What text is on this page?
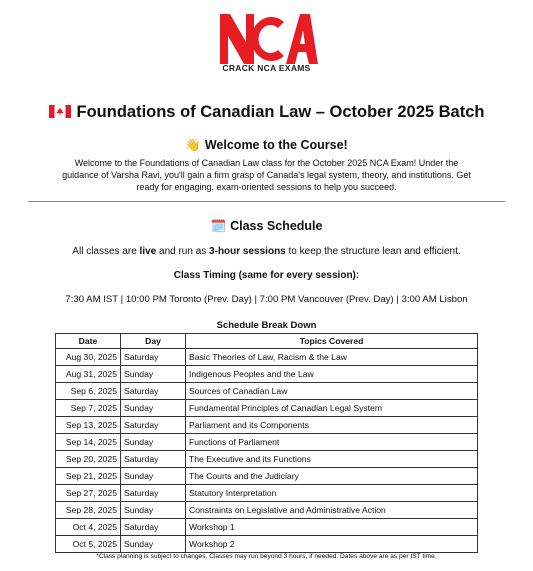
CRACK NCA EXAMS
Foundations of Canadian Law – October 2025 Batch
👋 Welcome to the Course!
Welcome to the Foundations of Canadian Law class for the October 2025 NCA Exam! Under the guidance of Varsha Ravi, you'll gain a firm grasp of Canada's legal system, theory, and institutions. Get ready for engaging, exam-oriented sessions to help you succeed.
🗓️ Class Schedule
All classes are live and run as 3-hour sessions to keep the structure lean and efficient.
Class Timing (same for every session):
7:30 AM IST | 10:00 PM Toronto (Prev. Day) | 7:00 PM Vancouver (Prev. Day) | 3:00 AM Lisbon
Schedule Break Down
Date	Day	Topics Covered
Aug 30, 2025	Saturday	Basic Theories of Law, Racism & the Law
Aug 31, 2025	Sunday	Indigenous Peoples and the Law
Sep 6, 2025	Saturday	Sources of Canadian Law
Sep 7, 2025	Sunday	Fundamental Principles of Canadian Legal System
Sep 13, 2025	Saturday	Parliament and its Components
Sep 14, 2025	Sunday	Functions of Parliament
Sep 20, 2025	Saturday	The Executive and its Functions
Sep 21, 2025	Sunday	The Courts and the Judiciary
Sep 27, 2025	Saturday	Statutory Interpretation
Sep 28, 2025	Sunday	Constraints on Legislative and Administrative Action
Oct 4, 2025	Saturday	Workshop 1
Oct 5, 2025	Sunday	Workshop 2
*Class planning is subject to changes. Classes may run beyond 3 hours, if needed. Dates above are as per IST time.
